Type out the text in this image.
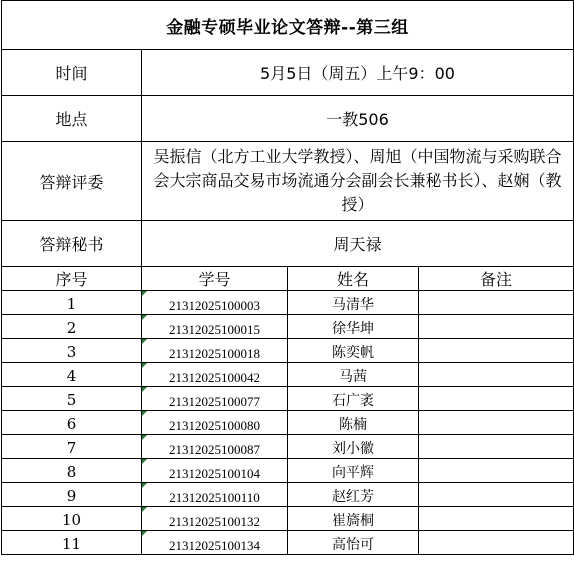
金融专硕毕业论文答辩--第三组			
时间	5月5日（周五）上午9：00		
地点	一教506		
答辩评委	吴振信（北方工业大学教授）、周旭（中国物流与采购联合会大宗商品交易市场流通分会副会长兼秘书长）、赵娴（教授）		
答辩秘书	周天禄		
序号	学号	姓名	备注
1	21312025100003	马清华	
2	21312025100015	徐华坤	
3	21312025100018	陈奕帆	
4	21312025100042	马茜	
5	21312025100077	石广袤	
6	21312025100080	陈楠	
7	21312025100087	刘小徽	
8	21312025100104	向平辉	
9	21312025100110	赵红芳	
10	21312025100132	崔旖桐	
11	21312025100134	高怡可	
